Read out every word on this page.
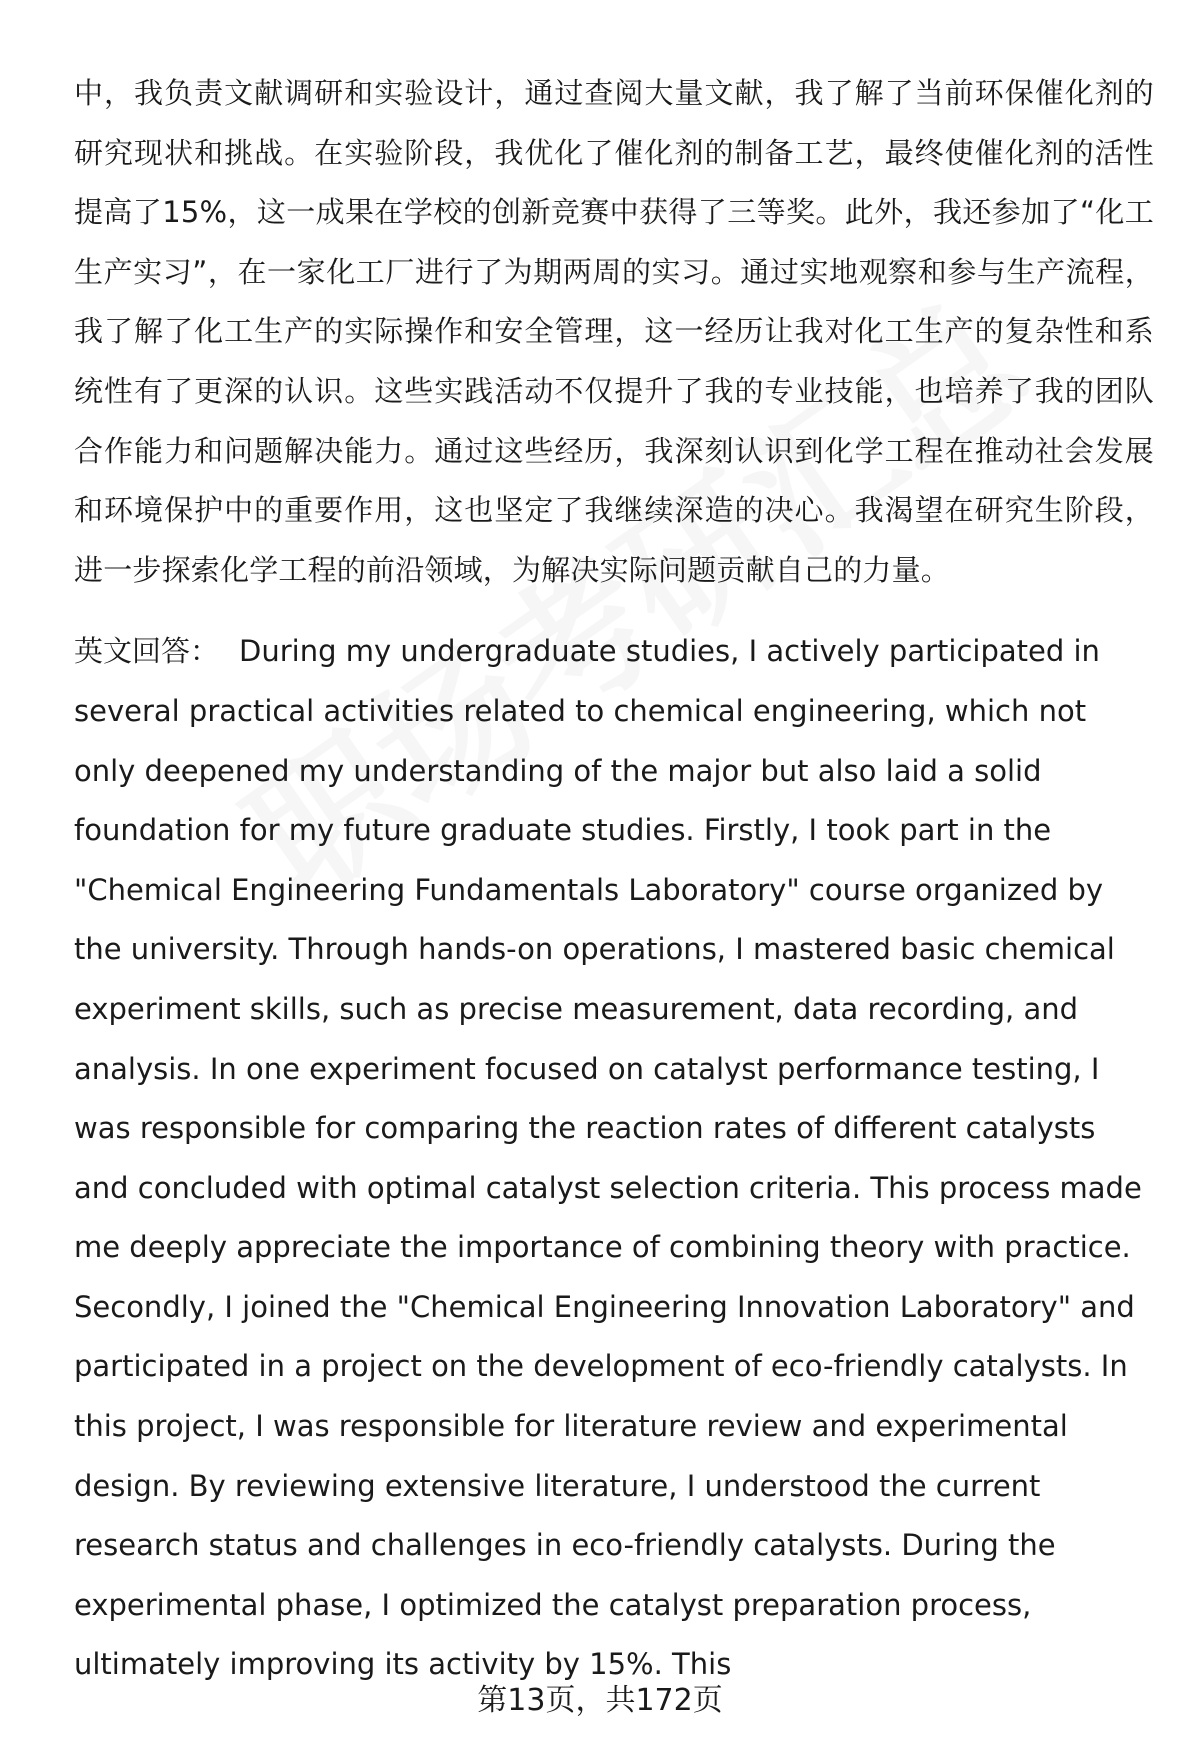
中，我负责文献调研和实验设计，通过查阅大量文献，我了解了当前环保催化剂的研究现状和挑战。在实验阶段，我优化了催化剂的制备工艺，最终使催化剂的活性提高了15%，这一成果在学校的创新竞赛中获得了三等奖。此外，我还参加了“化工生产实习”，在一家化工厂进行了为期两周的实习。通过实地观察和参与生产流程，我了解了化工生产的实际操作和安全管理，这一经历让我对化工生产的复杂性和系统性有了更深的认识。这些实践活动不仅提升了我的专业技能，也培养了我的团队合作能力和问题解决能力。通过这些经历，我深刻认识到化学工程在推动社会发展和环境保护中的重要作用，这也坚定了我继续深造的决心。我渴望在研究生阶段，进一步探索化学工程的前沿领域，为解决实际问题贡献自己的力量。

英文回答： During my undergraduate studies, I actively participated in several practical activities related to chemical engineering, which not only deepened my understanding of the major but also laid a solid foundation for my future graduate studies. Firstly, I took part in the "Chemical Engineering Fundamentals Laboratory" course organized by the university. Through hands-on operations, I mastered basic chemical experiment skills, such as precise measurement, data recording, and analysis. In one experiment focused on catalyst performance testing, I was responsible for comparing the reaction rates of different catalysts and concluded with optimal catalyst selection criteria. This process made me deeply appreciate the importance of combining theory with practice. Secondly, I joined the "Chemical Engineering Innovation Laboratory" and participated in a project on the development of eco-friendly catalysts. In this project, I was responsible for literature review and experimental design. By reviewing extensive literature, I understood the current research status and challenges in eco-friendly catalysts. During the experimental phase, I optimized the catalyst preparation process, ultimately improving its activity by 15%. This

第13页，共172页
